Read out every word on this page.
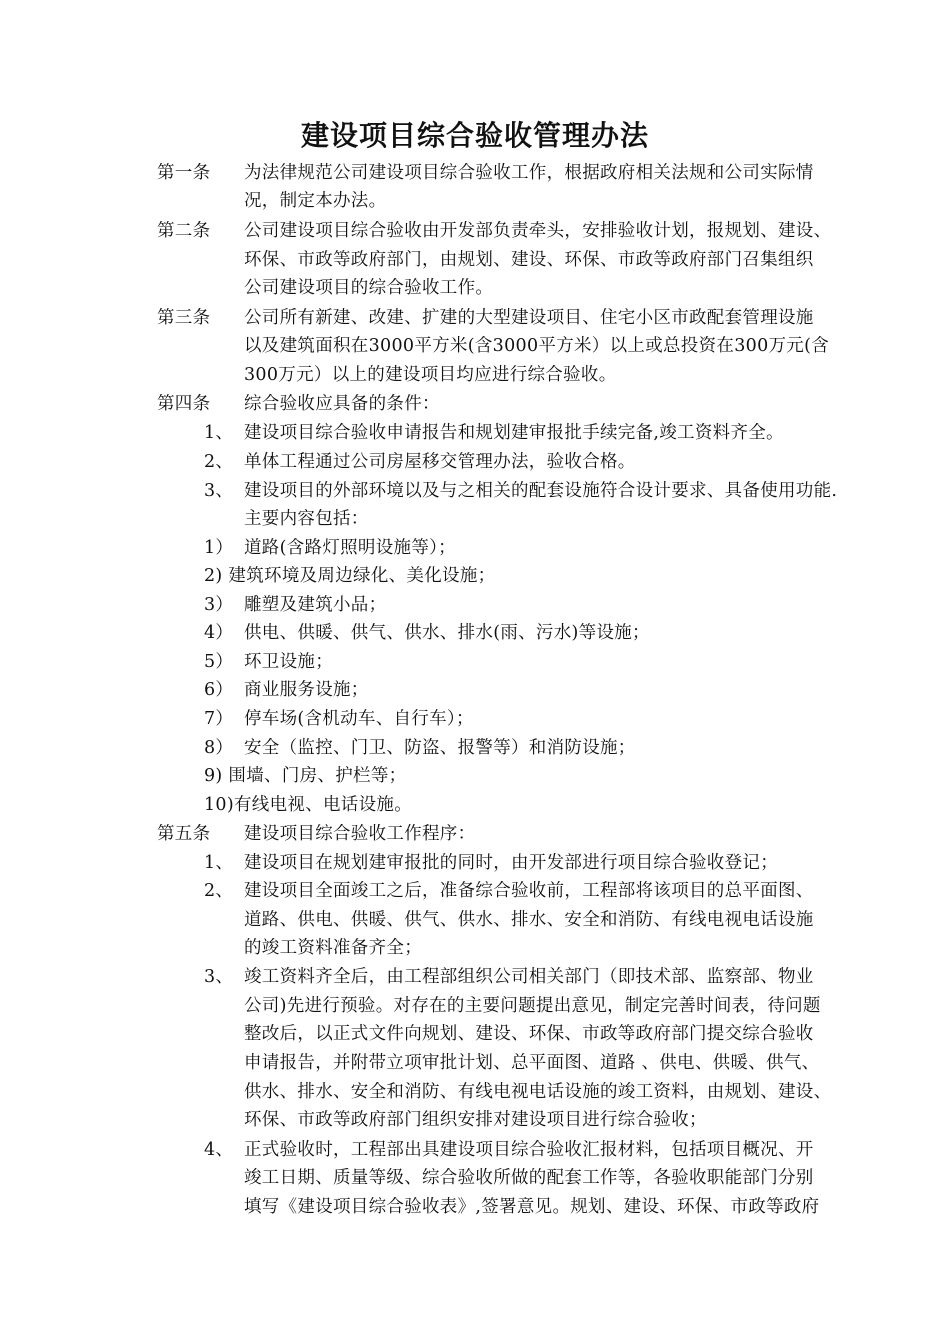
建设项目综合验收管理办法
第一条 为法律规范公司建设项目综合验收工作，根据政府相关法规和公司实际情
况，制定本办法。
第二条 公司建设项目综合验收由开发部负责牵头，安排验收计划，报规划、建设、
环保、市政等政府部门，由规划、建设、环保、市政等政府部门召集组织
公司建设项目的综合验收工作。
第三条 公司所有新建、改建、扩建的大型建设项目、住宅小区市政配套管理设施
以及建筑面积在3000平方米(含3000平方米）以上或总投资在300万元(含
300万元）以上的建设项目均应进行综合验收。
第四条 综合验收应具备的条件：
1、 建设项目综合验收申请报告和规划建审报批手续完备,竣工资料齐全。
2、 单体工程通过公司房屋移交管理办法，验收合格。
3、 建设项目的外部环境以及与之相关的配套设施符合设计要求、具备使用功能.
主要内容包括：
1） 道路(含路灯照明设施等）；
2) 建筑环境及周边绿化、美化设施；
3） 雕塑及建筑小品；
4） 供电、供暖、供气、供水、排水(雨、污水)等设施；
5） 环卫设施；
6） 商业服务设施；
7） 停车场(含机动车、自行车）；
8） 安全（监控、门卫、防盗、报警等）和消防设施；
9) 围墙、门房、护栏等；
10)有线电视、电话设施。
第五条 建设项目综合验收工作程序：
1、 建设项目在规划建审报批的同时，由开发部进行项目综合验收登记；
2、 建设项目全面竣工之后，准备综合验收前，工程部将该项目的总平面图、
道路、供电、供暖、供气、供水、排水、安全和消防、有线电视电话设施
的竣工资料准备齐全；
3、 竣工资料齐全后，由工程部组织公司相关部门（即技术部、监察部、物业
公司)先进行预验。对存在的主要问题提出意见，制定完善时间表，待问题
整改后，以正式文件向规划、建设、环保、市政等政府部门提交综合验收
申请报告，并附带立项审批计划、总平面图、道路 、供电、供暖、供气、
供水、排水、安全和消防、有线电视电话设施的竣工资料，由规划、建设、
环保、市政等政府部门组织安排对建设项目进行综合验收；
4、 正式验收时，工程部出具建设项目综合验收汇报材料，包括项目概况、开
竣工日期、质量等级、综合验收所做的配套工作等，各验收职能部门分别
填写《建设项目综合验收表》,签署意见。规划、建设、环保、市政等政府
